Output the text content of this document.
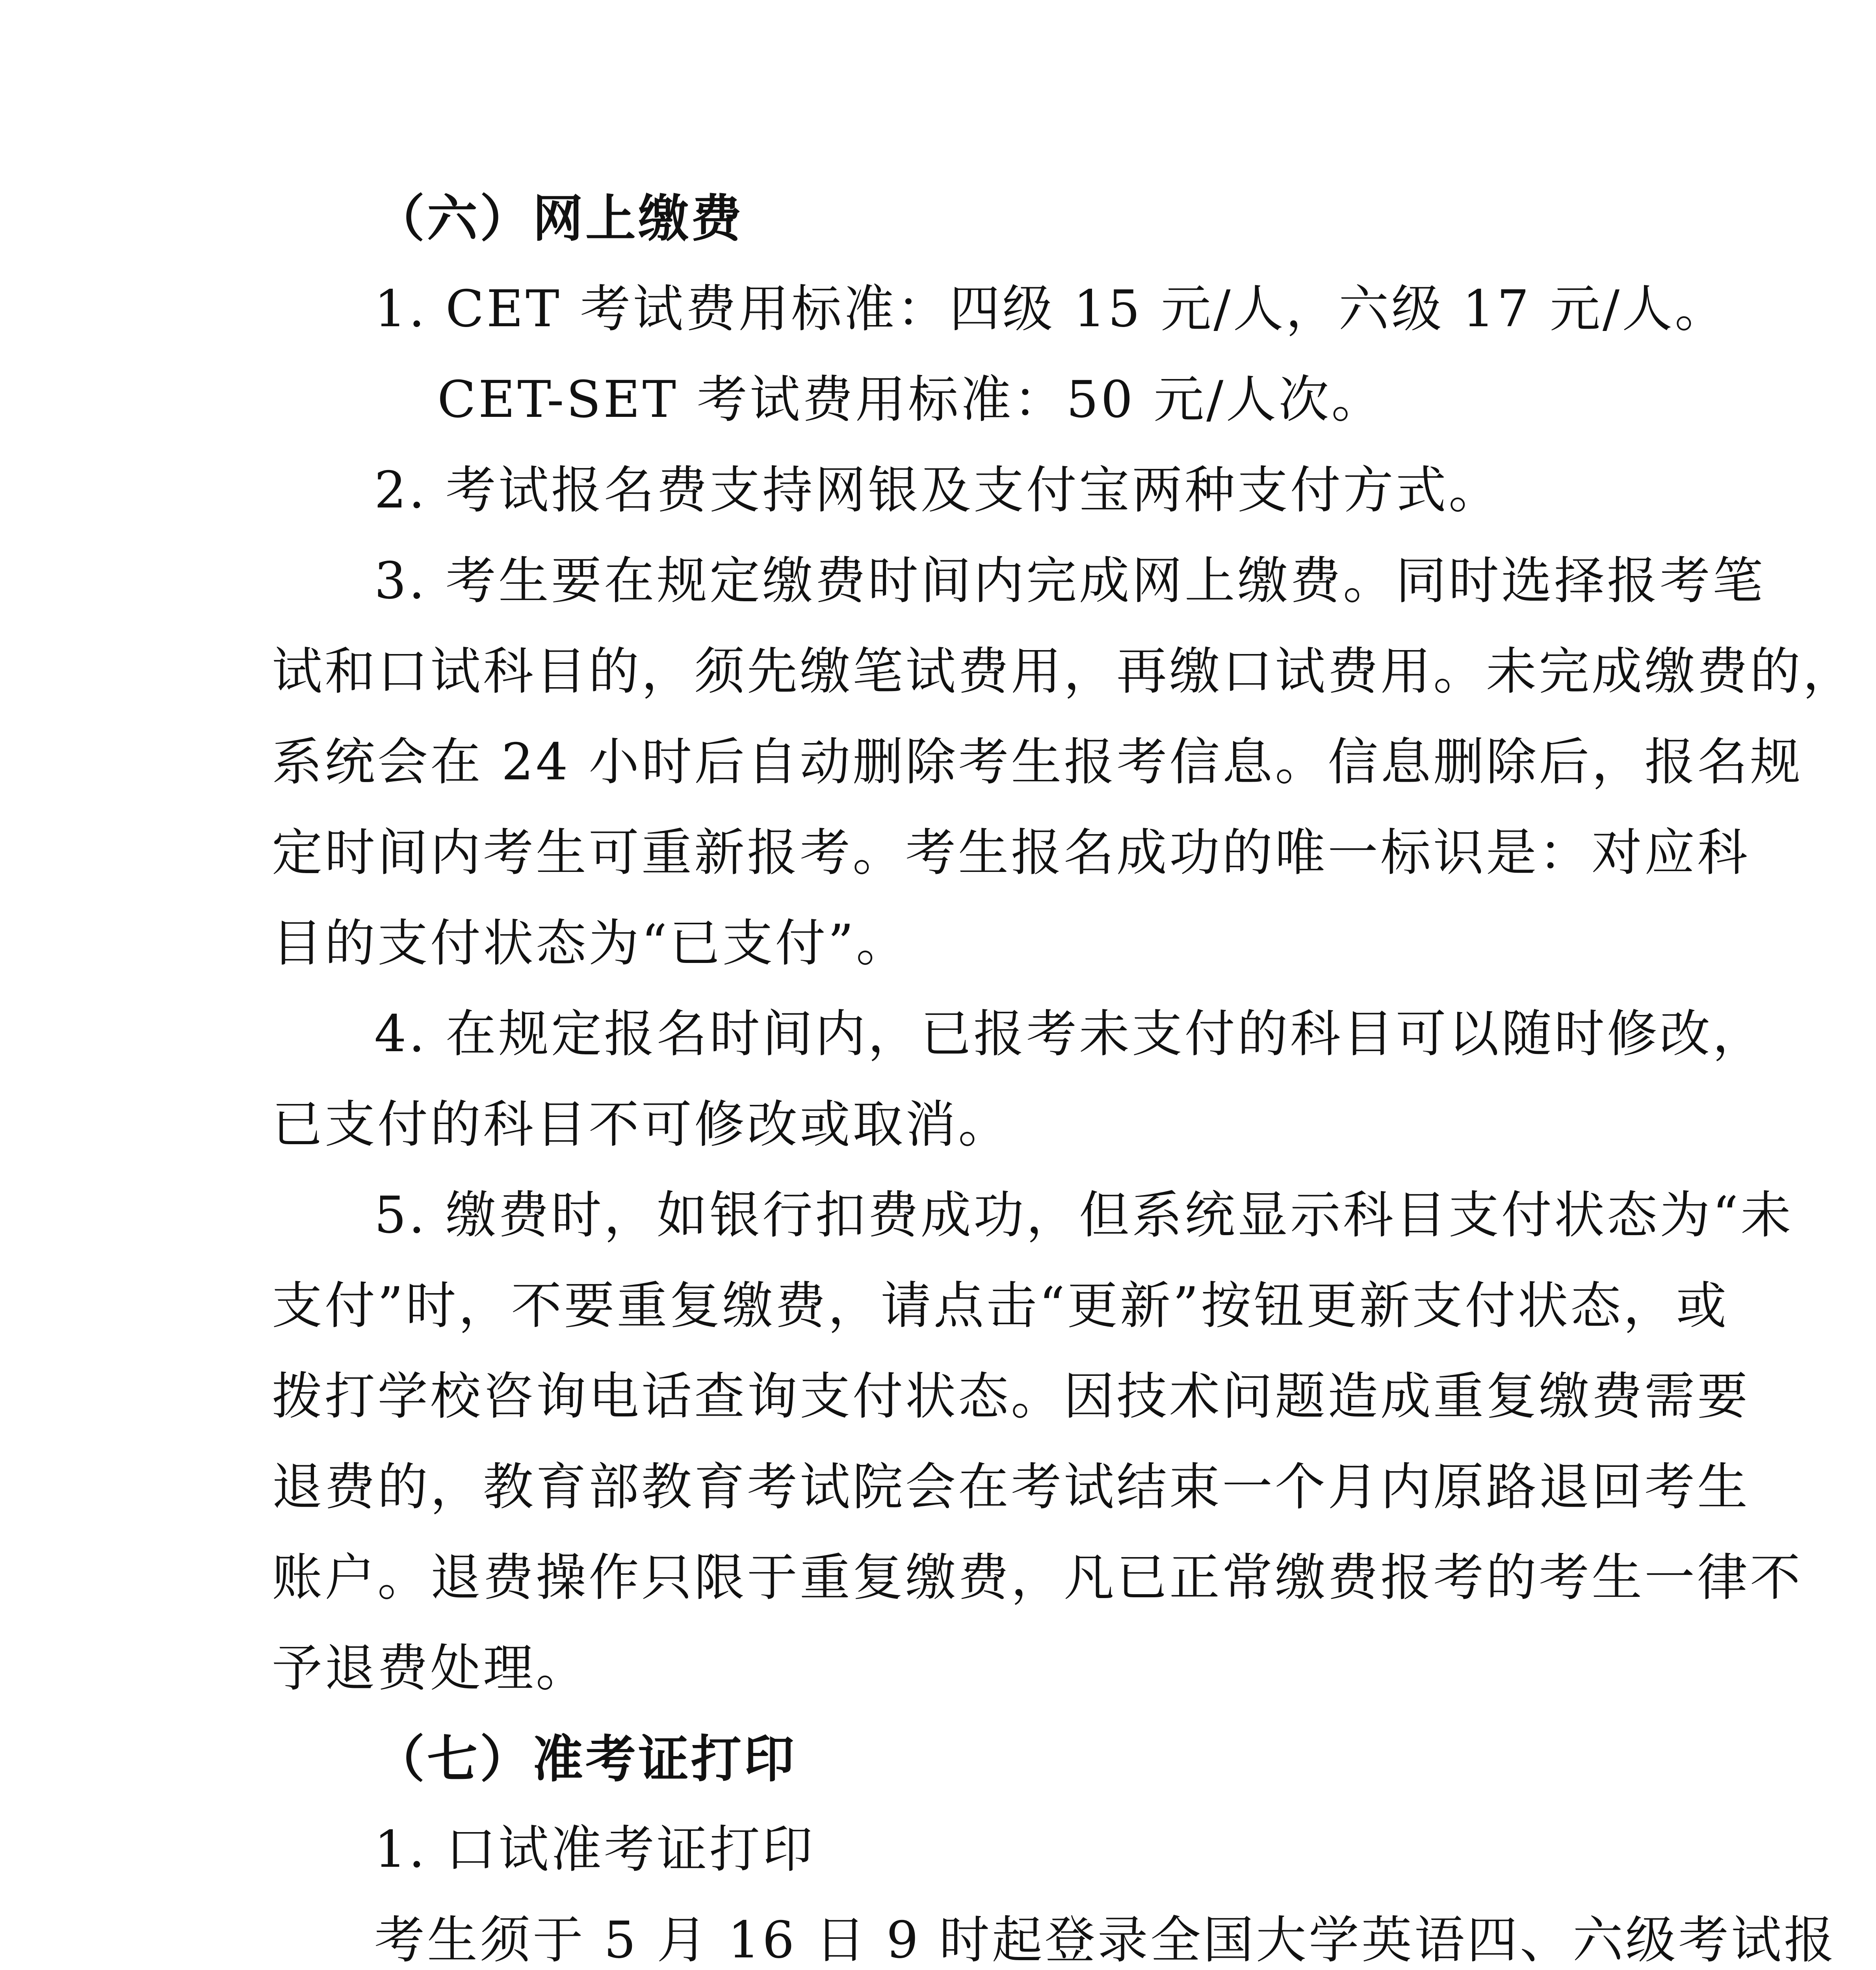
（六）网上缴费
1. CET 考试费用标准：四级 15 元/人，六级 17 元/人。
CET-SET 考试费用标准：50 元/人次。
2. 考试报名费支持网银及支付宝两种支付方式。
3. 考生要在规定缴费时间内完成网上缴费。同时选择报考笔
试和口试科目的，须先缴笔试费用，再缴口试费用。未完成缴费的，
系统会在 24 小时后自动删除考生报考信息。信息删除后，报名规
定时间内考生可重新报考。考生报名成功的唯一标识是：对应科
目的支付状态为“已支付”。
4. 在规定报名时间内，已报考未支付的科目可以随时修改，
已支付的科目不可修改或取消。
5. 缴费时，如银行扣费成功，但系统显示科目支付状态为“未
支付”时，不要重复缴费，请点击“更新”按钮更新支付状态，或
拨打学校咨询电话查询支付状态。因技术问题造成重复缴费需要
退费的，教育部教育考试院会在考试结束一个月内原路退回考生
账户。退费操作只限于重复缴费，凡已正常缴费报考的考生一律不
予退费处理。
（七）准考证打印
1. 口试准考证打印
考生须于 5 月 16 日 9 时起登录全国大学英语四、六级考试报
